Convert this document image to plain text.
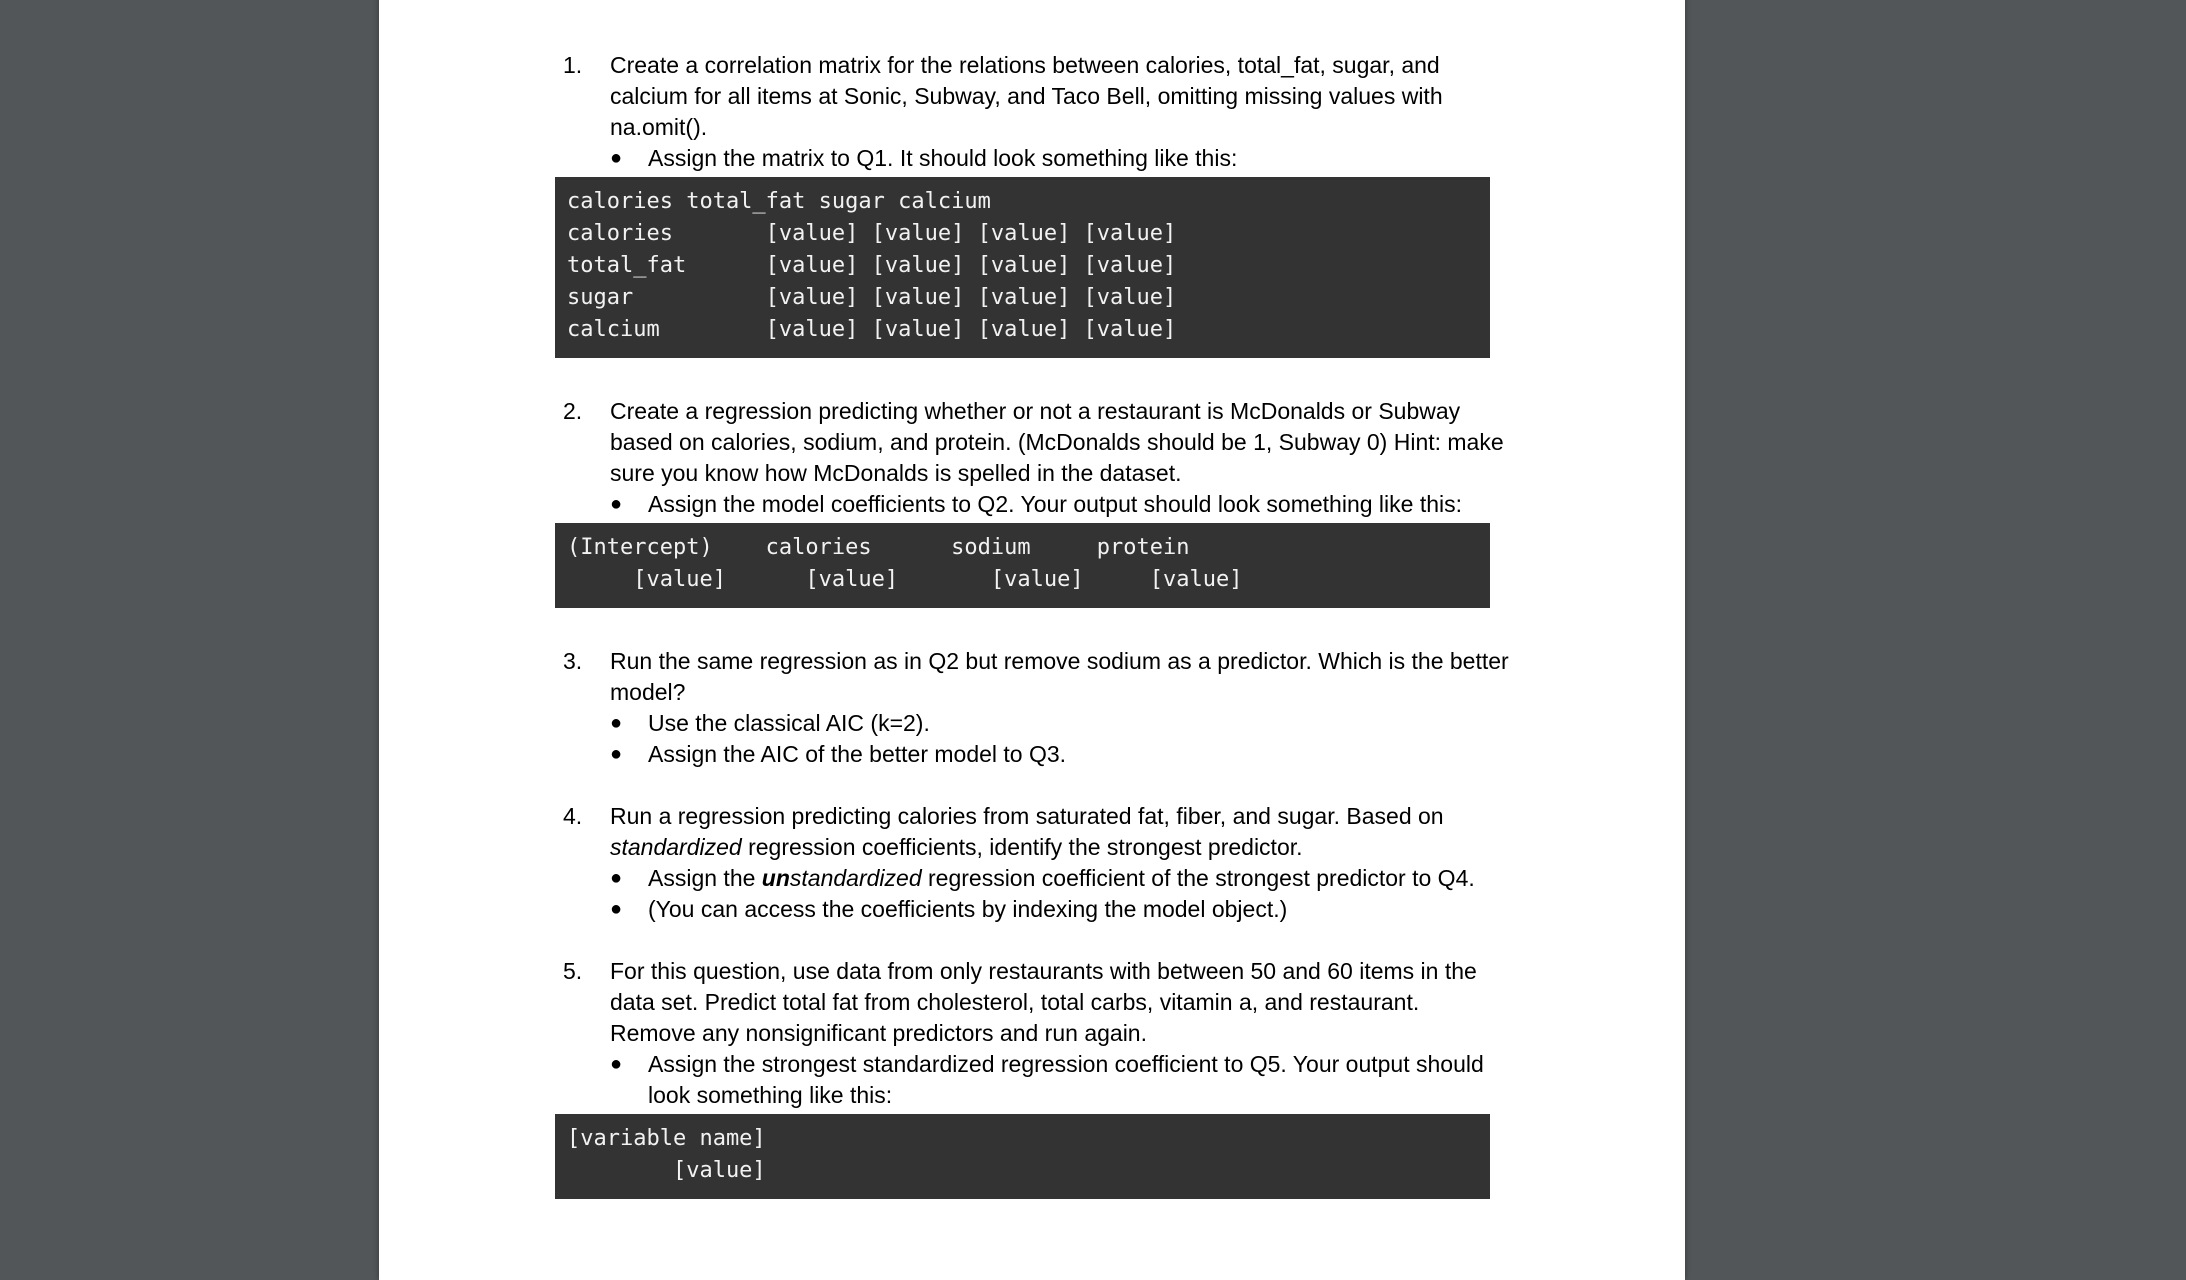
1.	Create a correlation matrix for the relations between calories, total_fat, sugar, and
calcium for all items at Sonic, Subway, and Taco Bell, omitting missing values with
na.omit().
● Assign the matrix to Q1. It should look something like this:
calories total_fat sugar calcium
calories       [value] [value] [value] [value]
total_fat      [value] [value] [value] [value]
sugar          [value] [value] [value] [value]
calcium        [value] [value] [value] [value]
2.	Create a regression predicting whether or not a restaurant is McDonalds or Subway
based on calories, sodium, and protein. (McDonalds should be 1, Subway 0) Hint: make
sure you know how McDonalds is spelled in the dataset.
● Assign the model coefficients to Q2. Your output should look something like this:
(Intercept)    calories      sodium     protein
[value]      [value]       [value]     [value]
3.	Run the same regression as in Q2 but remove sodium as a predictor. Which is the better
model?
● Use the classical AIC (k=2).
● Assign the AIC of the better model to Q3.
4.	Run a regression predicting calories from saturated fat, fiber, and sugar. Based on
standardized regression coefficients, identify the strongest predictor.
● Assign the unstandardized regression coefficient of the strongest predictor to Q4.
● (You can access the coefficients by indexing the model object.)
5.	For this question, use data from only restaurants with between 50 and 60 items in the
data set. Predict total fat from cholesterol, total carbs, vitamin a, and restaurant.
Remove any nonsignificant predictors and run again.
● Assign the strongest standardized regression coefficient to Q5. Your output should
look something like this:
[variable name]
[value]
